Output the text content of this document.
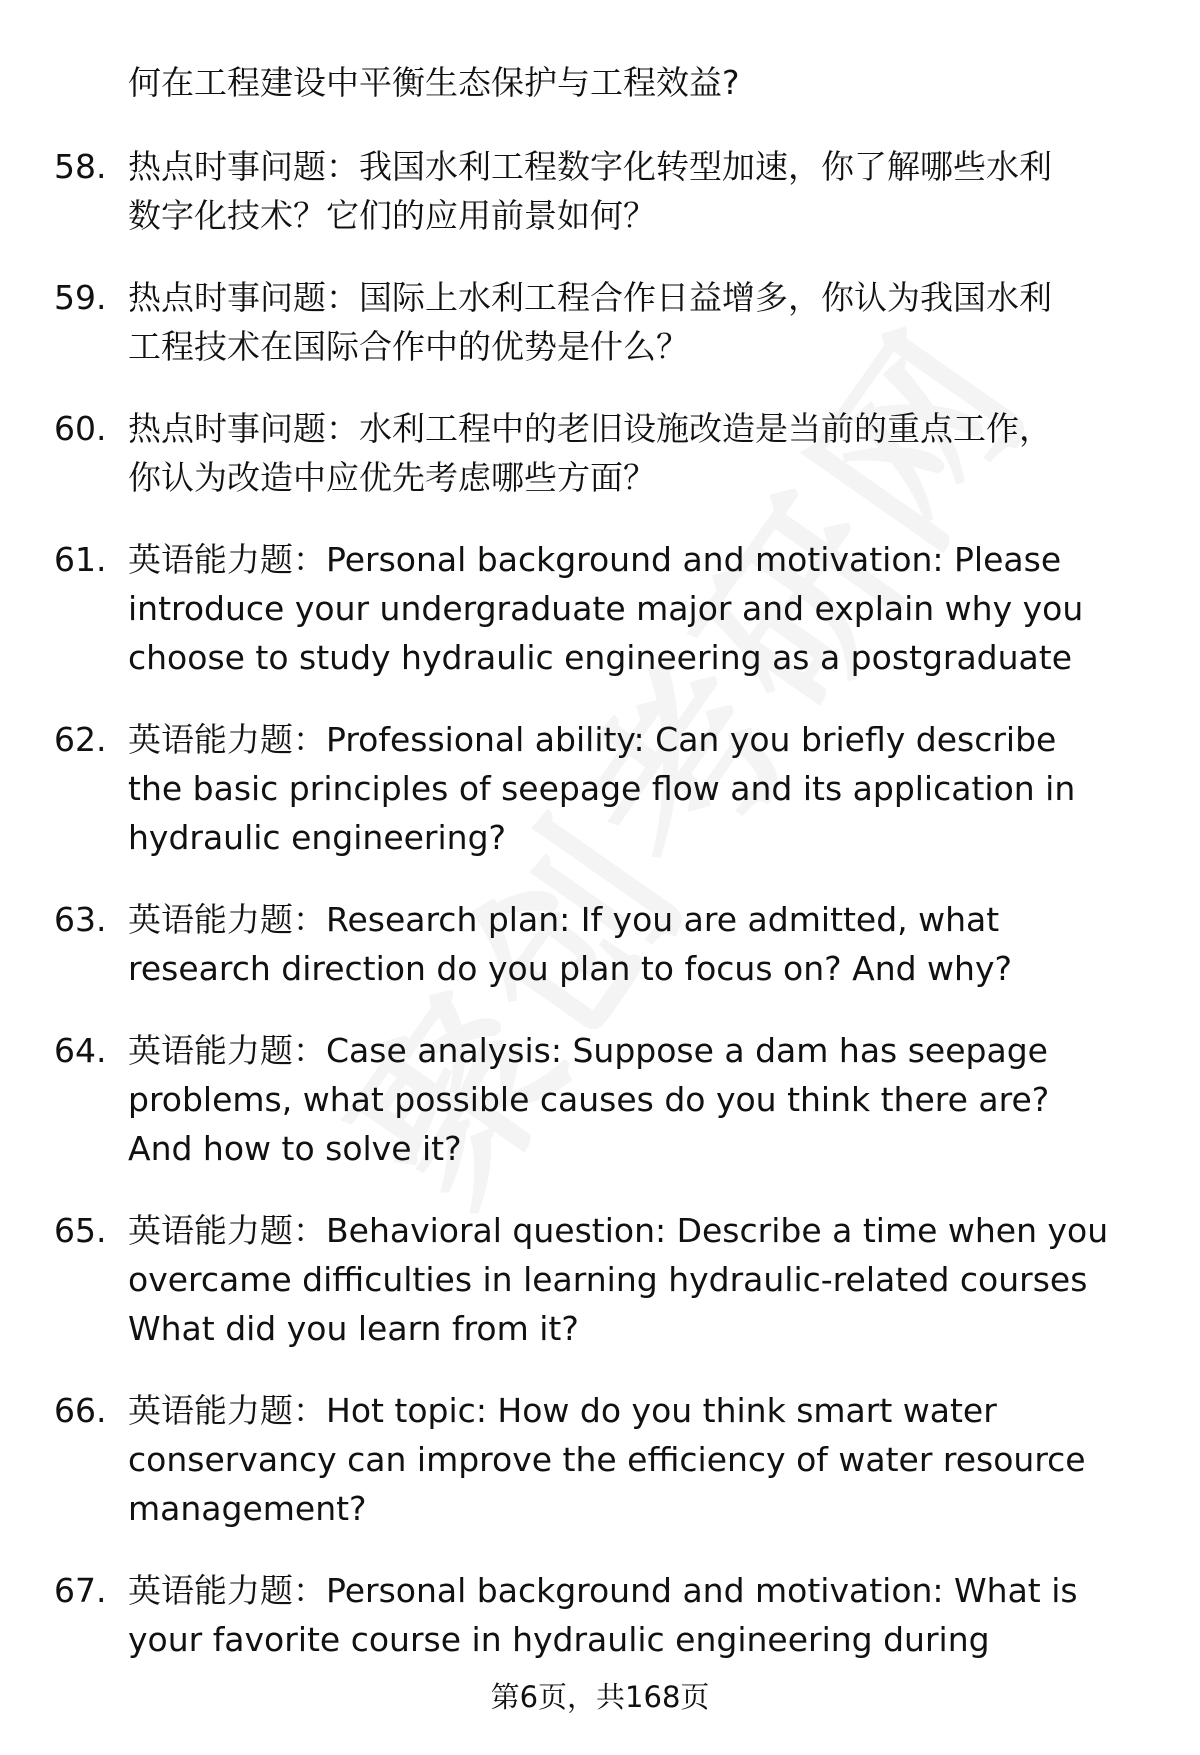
何在工程建设中平衡生态保护与工程效益?
58. 热点时事问题：我国水利工程数字化转型加速，你了解哪些水利
数字化技术？它们的应用前景如何？
59. 热点时事问题：国际上水利工程合作日益增多，你认为我国水利
工程技术在国际合作中的优势是什么？
60. 热点时事问题：水利工程中的老旧设施改造是当前的重点工作，
你认为改造中应优先考虑哪些方面？
61. 英语能力题：Personal background and motivation: Please
introduce your undergraduate major and explain why you
choose to study hydraulic engineering as a postgraduate
62. 英语能力题：Professional ability: Can you briefly describe
the basic principles of seepage flow and its application in
hydraulic engineering?
63. 英语能力题：Research plan: If you are admitted, what
research direction do you plan to focus on? And why?
64. 英语能力题：Case analysis: Suppose a dam has seepage
problems, what possible causes do you think there are?
And how to solve it?
65. 英语能力题：Behavioral question: Describe a time when you
overcame difficulties in learning hydraulic-related courses
What did you learn from it?
66. 英语能力题：Hot topic: How do you think smart water
conservancy can improve the efficiency of water resource
management?
67. 英语能力题：Personal background and motivation: What is
your favorite course in hydraulic engineering during
第6页，共168页
